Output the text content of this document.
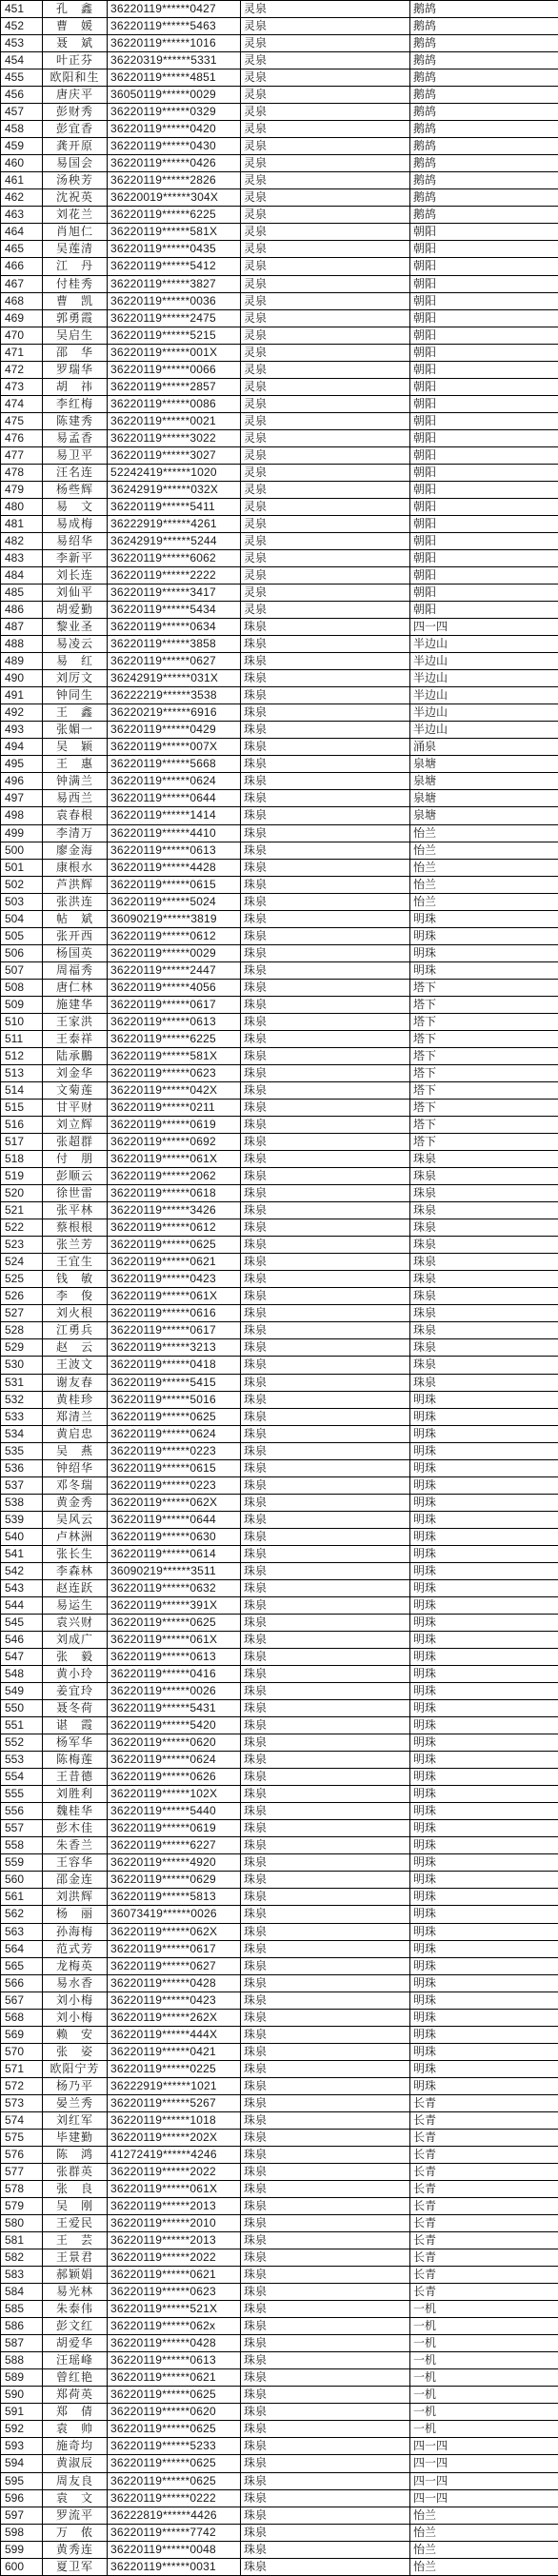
451	孔　鑫	36220119******0427	灵泉	鹅鸪
452	曹　媛	36220119******5463	灵泉	鹅鸪
453	聂　斌	36220119******1016	灵泉	鹅鸪
454	叶正芬	36220319******5331	灵泉	鹅鸪
455	欧阳和生	36220119******4851	灵泉	鹅鸪
456	唐庆平	36050119******0029	灵泉	鹅鸪
457	彭财秀	36220119******0329	灵泉	鹅鸪
458	彭宜香	36220119******0420	灵泉	鹅鸪
459	龚开原	36220119******0430	灵泉	鹅鸪
460	易国会	36220119******0426	灵泉	鹅鸪
461	汤秧芳	36220119******2826	灵泉	鹅鸪
462	沈祝英	36220019******304X	灵泉	鹅鸪
463	刘花兰	36220119******6225	灵泉	鹅鸪
464	肖旭仁	36220119******581X	灵泉	朝阳
465	吴莲清	36220119******0435	灵泉	朝阳
466	江　丹	36220119******5412	灵泉	朝阳
467	付桂秀	36220119******3827	灵泉	朝阳
468	曹　凯	36220119******0036	灵泉	朝阳
469	郭勇霞	36220119******2475	灵泉	朝阳
470	吴启生	36220119******5215	灵泉	朝阳
471	邵　华	36220119******001X	灵泉	朝阳
472	罗瑞华	36220119******0066	灵泉	朝阳
473	胡　祎	36220119******2857	灵泉	朝阳
474	李红梅	36220119******0086	灵泉	朝阳
475	陈建秀	36220119******0021	灵泉	朝阳
476	易孟香	36220119******3022	灵泉	朝阳
477	易卫平	36220119******3027	灵泉	朝阳
478	汪名连	52242419******1020	灵泉	朝阳
479	杨些辉	36242919******032X	灵泉	朝阳
480	易　文	36220119******5411	灵泉	朝阳
481	易成梅	36222919******4261	灵泉	朝阳
482	易绍华	36242919******5244	灵泉	朝阳
483	李新平	36220119******6062	灵泉	朝阳
484	刘长连	36220119******2222	灵泉	朝阳
485	刘仙平	36220119******3417	灵泉	朝阳
486	胡爱勤	36220119******5434	灵泉	朝阳
487	黎业圣	36220119******0634	珠泉	四一四
488	易凌云	36220119******3858	珠泉	半边山
489	易　红	36220119******0627	珠泉	半边山
490	刘厉文	36242919******031X	珠泉	半边山
491	钟同生	36222219******3538	珠泉	半边山
492	王　鑫	36220219******6916	珠泉	半边山
493	张媚一	36220119******0429	珠泉	半边山
494	吴　颖	36220119******007X	珠泉	涌泉
495	王　惠	36220119******5668	珠泉	泉塘
496	钟满兰	36220119******0624	珠泉	泉塘
497	易西兰	36220119******0644	珠泉	泉塘
498	袁春根	36220119******1414	珠泉	泉塘
499	李清万	36220119******4410	珠泉	怡兰
500	廖金海	36220119******0613	珠泉	怡兰
501	康根水	36220119******4428	珠泉	怡兰
502	芦洪辉	36220119******0615	珠泉	怡兰
503	张洪连	36220119******5024	珠泉	怡兰
504	帖　斌	36090219******3819	珠泉	明珠
505	张开西	36220119******0612	珠泉	明珠
506	杨国英	36220119******0029	珠泉	明珠
507	周福秀	36220119******2447	珠泉	明珠
508	唐仁林	36220119******4056	珠泉	塔下
509	施建华	36220119******0617	珠泉	塔下
510	王家洪	36220119******0613	珠泉	塔下
511	王泰祥	36220119******6225	珠泉	塔下
512	陆承鵬	36220119******581X	珠泉	塔下
513	刘金华	36220119******0623	珠泉	塔下
514	文菊莲	36220119******042X	珠泉	塔下
515	甘平财	36220119******0211	珠泉	塔下
516	刘立辉	36220119******0619	珠泉	塔下
517	张超群	36220119******0692	珠泉	塔下
518	付　朋	36220119******061X	珠泉	珠泉
519	彭顺云	36220119******2062	珠泉	珠泉
520	徐世雷	36220119******0618	珠泉	珠泉
521	张平林	36220119******3426	珠泉	珠泉
522	蔡根根	36220119******0612	珠泉	珠泉
523	张兰芳	36220119******0625	珠泉	珠泉
524	王宜生	36220119******0621	珠泉	珠泉
525	钱　敏	36220119******0423	珠泉	珠泉
526	李　俊	36220119******061X	珠泉	珠泉
527	刘火根	36220119******0616	珠泉	珠泉
528	江勇兵	36220119******0617	珠泉	珠泉
529	赵　云	36220119******3213	珠泉	珠泉
530	王波文	36220119******0418	珠泉	珠泉
531	谢友春	36220119******5415	珠泉	珠泉
532	黄桂珍	36220119******5016	珠泉	明珠
533	郑清兰	36220119******0625	珠泉	明珠
534	黄启忠	36220119******0624	珠泉	明珠
535	吴　燕	36220119******0223	珠泉	明珠
536	钟绍华	36220119******0615	珠泉	明珠
537	邓冬瑞	36220119******0223	珠泉	明珠
538	黄金秀	36220119******062X	珠泉	明珠
539	吴风云	36220119******0644	珠泉	明珠
540	卢林洲	36220119******0630	珠泉	明珠
541	张长生	36220119******0614	珠泉	明珠
542	李森林	36090219******3511	珠泉	明珠
543	赵连跃	36220119******0632	珠泉	明珠
544	易运生	36220119******391X	珠泉	明珠
545	袁兴财	36220119******0625	珠泉	明珠
546	刘成广	36220119******061X	珠泉	明珠
547	张　毅	36220119******0613	珠泉	明珠
548	黄小玲	36220119******0416	珠泉	明珠
549	姜宜玲	36220119******0026	珠泉	明珠
550	聂冬荷	36220119******5431	珠泉	明珠
551	谌　霞	36220119******5420	珠泉	明珠
552	杨军华	36220119******0620	珠泉	明珠
553	陈梅莲	36220119******0624	珠泉	明珠
554	王昔德	36220119******0626	珠泉	明珠
555	刘胜利	36220119******102X	珠泉	明珠
556	魏桂华	36220119******5440	珠泉	明珠
557	彭木佳	36220119******0619	珠泉	明珠
558	朱香兰	36220119******6227	珠泉	明珠
559	王容华	36220119******4920	珠泉	明珠
560	邵金连	36220119******0629	珠泉	明珠
561	刘洪辉	36220119******5813	珠泉	明珠
562	杨　丽	36073419******0026	珠泉	明珠
563	孙海梅	36220119******062X	珠泉	明珠
564	范式芳	36220119******0617	珠泉	明珠
565	龙梅英	36220119******0627	珠泉	明珠
566	易水香	36220119******0428	珠泉	明珠
567	刘小梅	36220119******0423	珠泉	明珠
568	刘小梅	36220119******262X	珠泉	明珠
569	赖　安	36220119******444X	珠泉	明珠
570	张　姿	36220119******0421	珠泉	明珠
571	欧阳宁芳	36220119******0225	珠泉	明珠
572	杨乃平	36222919******1021	珠泉	明珠
573	晏兰秀	36220119******5267	珠泉	长青
574	刘红军	36220119******1018	珠泉	长青
575	毕建勤	36220119******202X	珠泉	长青
576	陈　鸿	41272419******4246	珠泉	长青
577	张群英	36220119******2022	珠泉	长青
578	张　良	36220119******061X	珠泉	长青
579	吴　刚	36220119******2013	珠泉	长青
580	王爱民	36220119******2010	珠泉	长青
581	王　芸	36220119******2013	珠泉	长青
582	王景君	36220119******2022	珠泉	长青
583	郝颖娟	36220119******0621	珠泉	长青
584	易光林	36220119******0623	珠泉	长青
585	朱泰伟	36220119******521X	珠泉	一机
586	彭文红	36220119******062x	珠泉	一机
587	胡爱华	36220119******0428	珠泉	一机
588	汪瑶峰	36220119******0613	珠泉	一机
589	曾红艳	36220119******0621	珠泉	一机
590	郑荷英	36220119******0625	珠泉	一机
591	郑　倩	36220119******0620	珠泉	一机
592	袁　帅	36220119******0625	珠泉	一机
593	施奇均	36220119******5233	珠泉	四一四
594	黄淑辰	36220119******0625	珠泉	四一四
595	周友良	36220119******0625	珠泉	四一四
596	袁　文	36220119******0222	珠泉	四一四
597	罗流平	36222819******4426	珠泉	怡兰
598	万　侬	36220119******7742	珠泉	怡兰
599	黄秀连	36220119******0048	珠泉	怡兰
600	夏卫军	36220119******0031	珠泉	怡兰
